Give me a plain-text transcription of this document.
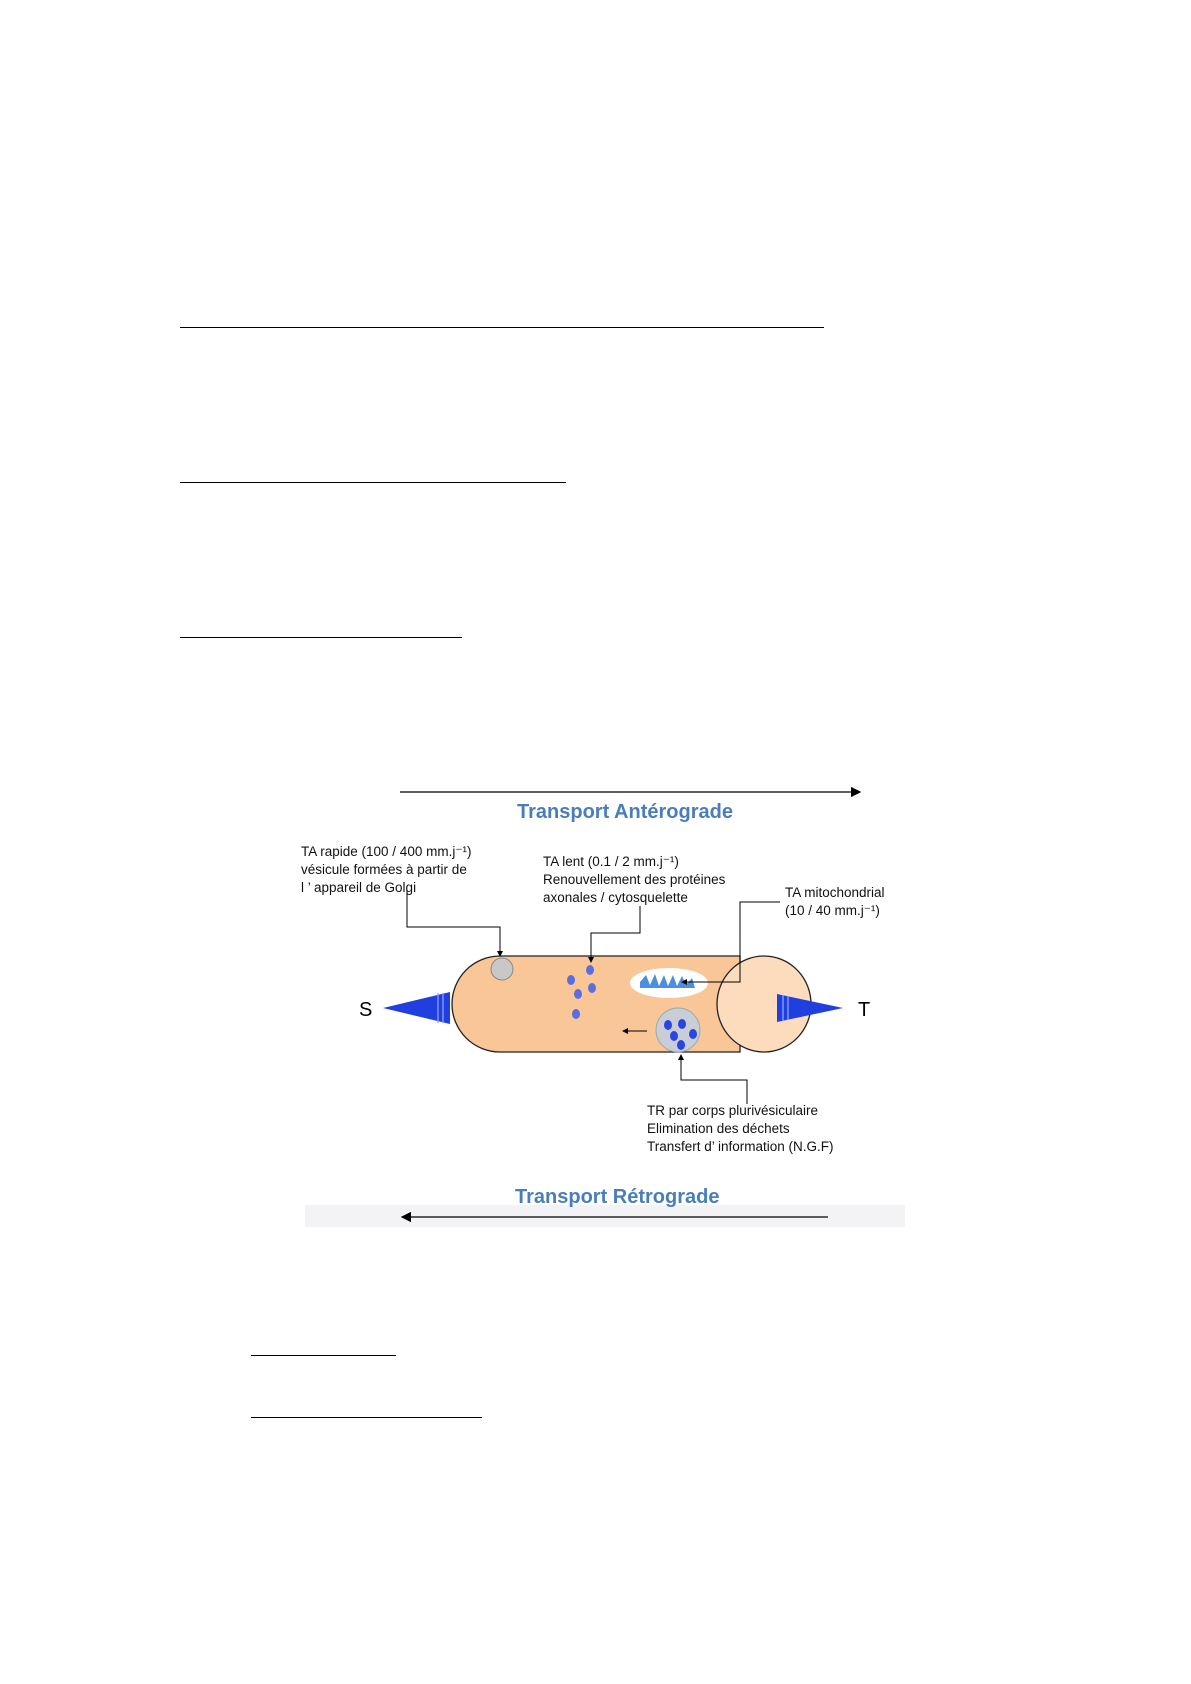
Transport Antérograde
Transport Rétrograde
S	T
TA rapide (100 / 400 mm.j⁻¹) vésicule formées à partir de l ’ appareil de Golgi
TA lent (0.1 / 2 mm.j⁻¹) Renouvellement des protéines axonales / cytosquelette	TA mitochondrial (10 / 40 mm.j⁻¹)
TR par corps plurivésiculaire Elimination des déchets Transfert d’ information (N.G.F)
